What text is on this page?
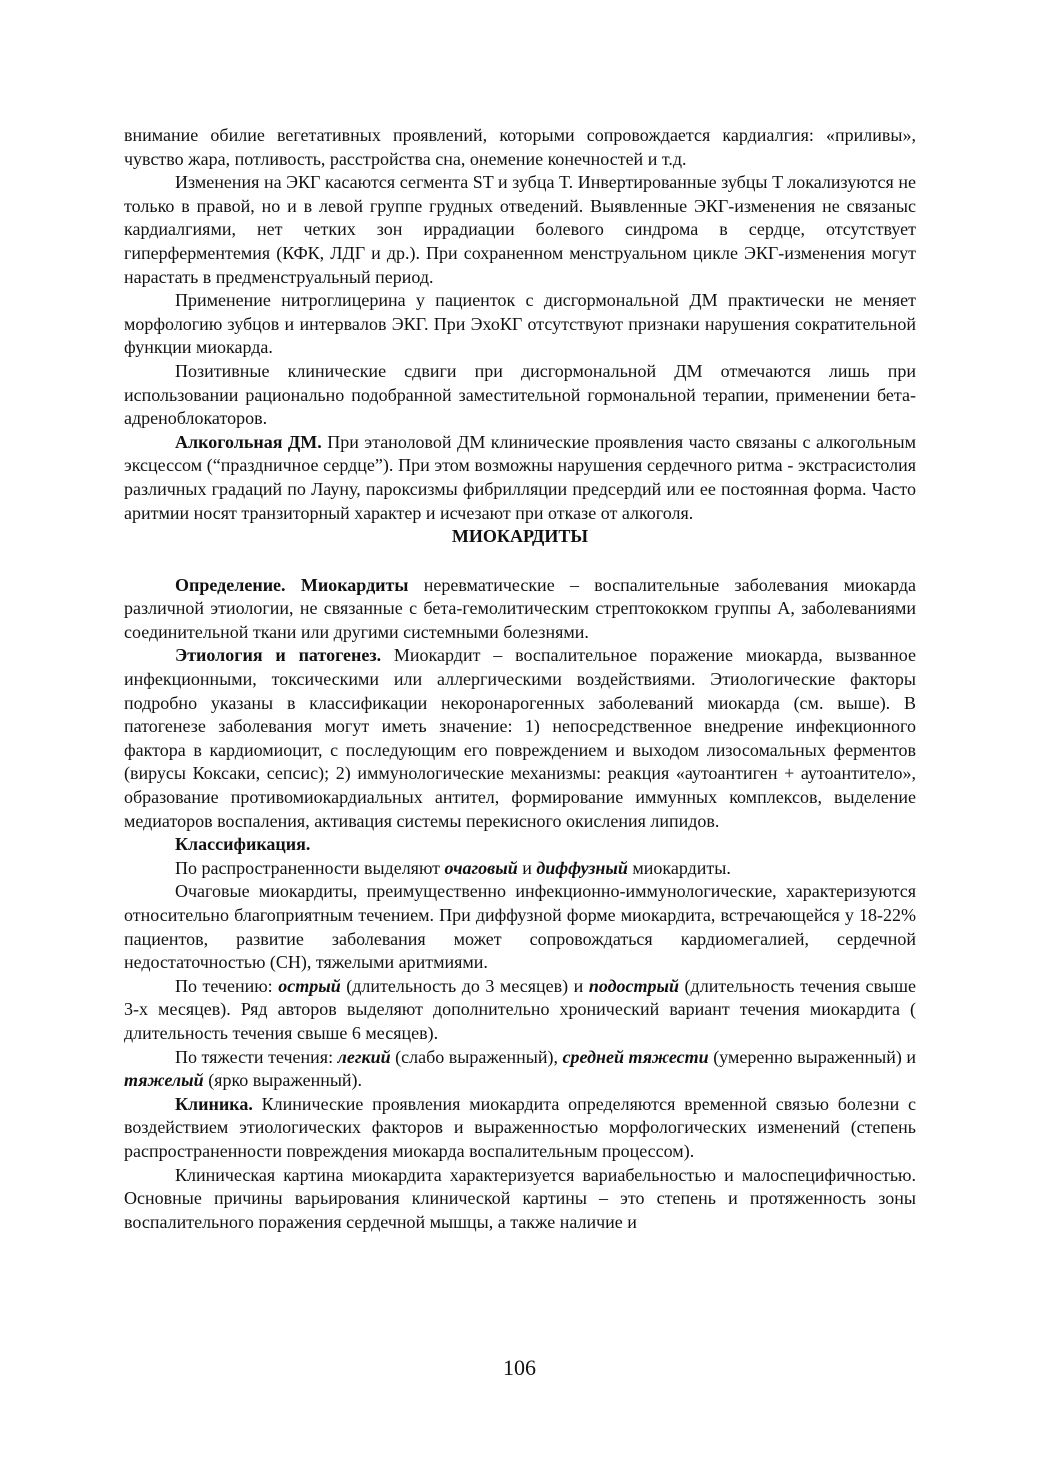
внимание обилие вегетативных проявлений, которыми сопровождается кардиалгия: «приливы», чувство жара, потливость, расстройства сна, онемение конечностей и т.д.

Изменения на ЭКГ касаются сегмента ST и зубца T. Инвертированные зубцы T локализуются не только в правой, но и в левой группе грудных отведений. Выявленные ЭКГ-изменения не связаныс кардиалгиями, нет четких зон иррадиации болевого синдрома в сердце, отсутствует гиперферментемия (КФК, ЛДГ и др.). При сохраненном менструальном цикле ЭКГ-изменения могут нарастать в предменструальный период.

Применение нитроглицерина у пациенток с дисгормональной ДМ практически не меняет морфологию зубцов и интервалов ЭКГ. При ЭхоКГ отсутствуют признаки нарушения сократительной функции миокарда.

Позитивные клинические сдвиги при дисгормональной ДМ отмечаются лишь при использовании рационально подобранной заместительной гормональной терапии, применении бета-адреноблокаторов.

Алкогольная ДМ. При этаноловой ДМ клинические проявления часто связаны с алкогольным эксцессом (“праздничное сердце”). При этом возможны нарушения сердечного ритма - экстрасистолия различных градаций по Лауну, пароксизмы фибрилляции предсердий или ее постоянная форма. Часто аритмии носят транзиторный характер и исчезают при отказе от алкоголя.

МИОКАРДИТЫ

Определение. Миокардиты неревматические – воспалительные заболевания миокарда различной этиологии, не связанные с бета-гемолитическим стрептококком группы А, заболеваниями соединительной ткани или другими системными болезнями.

Этиология и патогенез. Миокардит – воспалительное поражение миокарда, вызванное инфекционными, токсическими или аллергическими воздействиями. Этиологические факторы подробно указаны в классификации некоронарогенных заболеваний миокарда (см. выше). В патогенезе заболевания могут иметь значение: 1) непосредственное внедрение инфекционного фактора в кардиомиоцит, с последующим его повреждением и выходом лизосомальных ферментов (вирусы Коксаки, сепсис); 2) иммунологические механизмы: реакция «аутоантиген + аутоантитело», образование противомиокардиальных антител, формирование иммунных комплексов, выделение медиаторов воспаления, активация системы перекисного окисления липидов.

Классификация.

По распространенности выделяют очаговый и диффузный миокардиты.

Очаговые миокардиты, преимущественно инфекционно-иммунологические, характеризуются относительно благоприятным течением. При диффузной форме миокардита, встречающейся у 18-22% пациентов, развитие заболевания может сопровождаться кардиомегалией, сердечной недостаточностью (СН), тяжелыми аритмиями.

По течению: острый (длительность до 3 месяцев) и подострый (длительность течения свыше 3-х месяцев). Ряд авторов выделяют дополнительно хронический вариант течения миокардита ( длительность течения свыше 6 месяцев).

По тяжести течения: легкий (слабо выраженный), средней тяжести (умеренно выраженный) и тяжелый (ярко выраженный).

Клиника. Клинические проявления миокардита определяются временной связью болезни с воздействием этиологических факторов и выраженностью морфологических изменений (степень распространенности повреждения миокарда воспалительным процессом).

Клиническая картина миокардита характеризуется вариабельностью и малоспецифичностью. Основные причины варьирования клинической картины – это степень и протяженность зоны воспалительного поражения сердечной мышцы, а также наличие и

106
